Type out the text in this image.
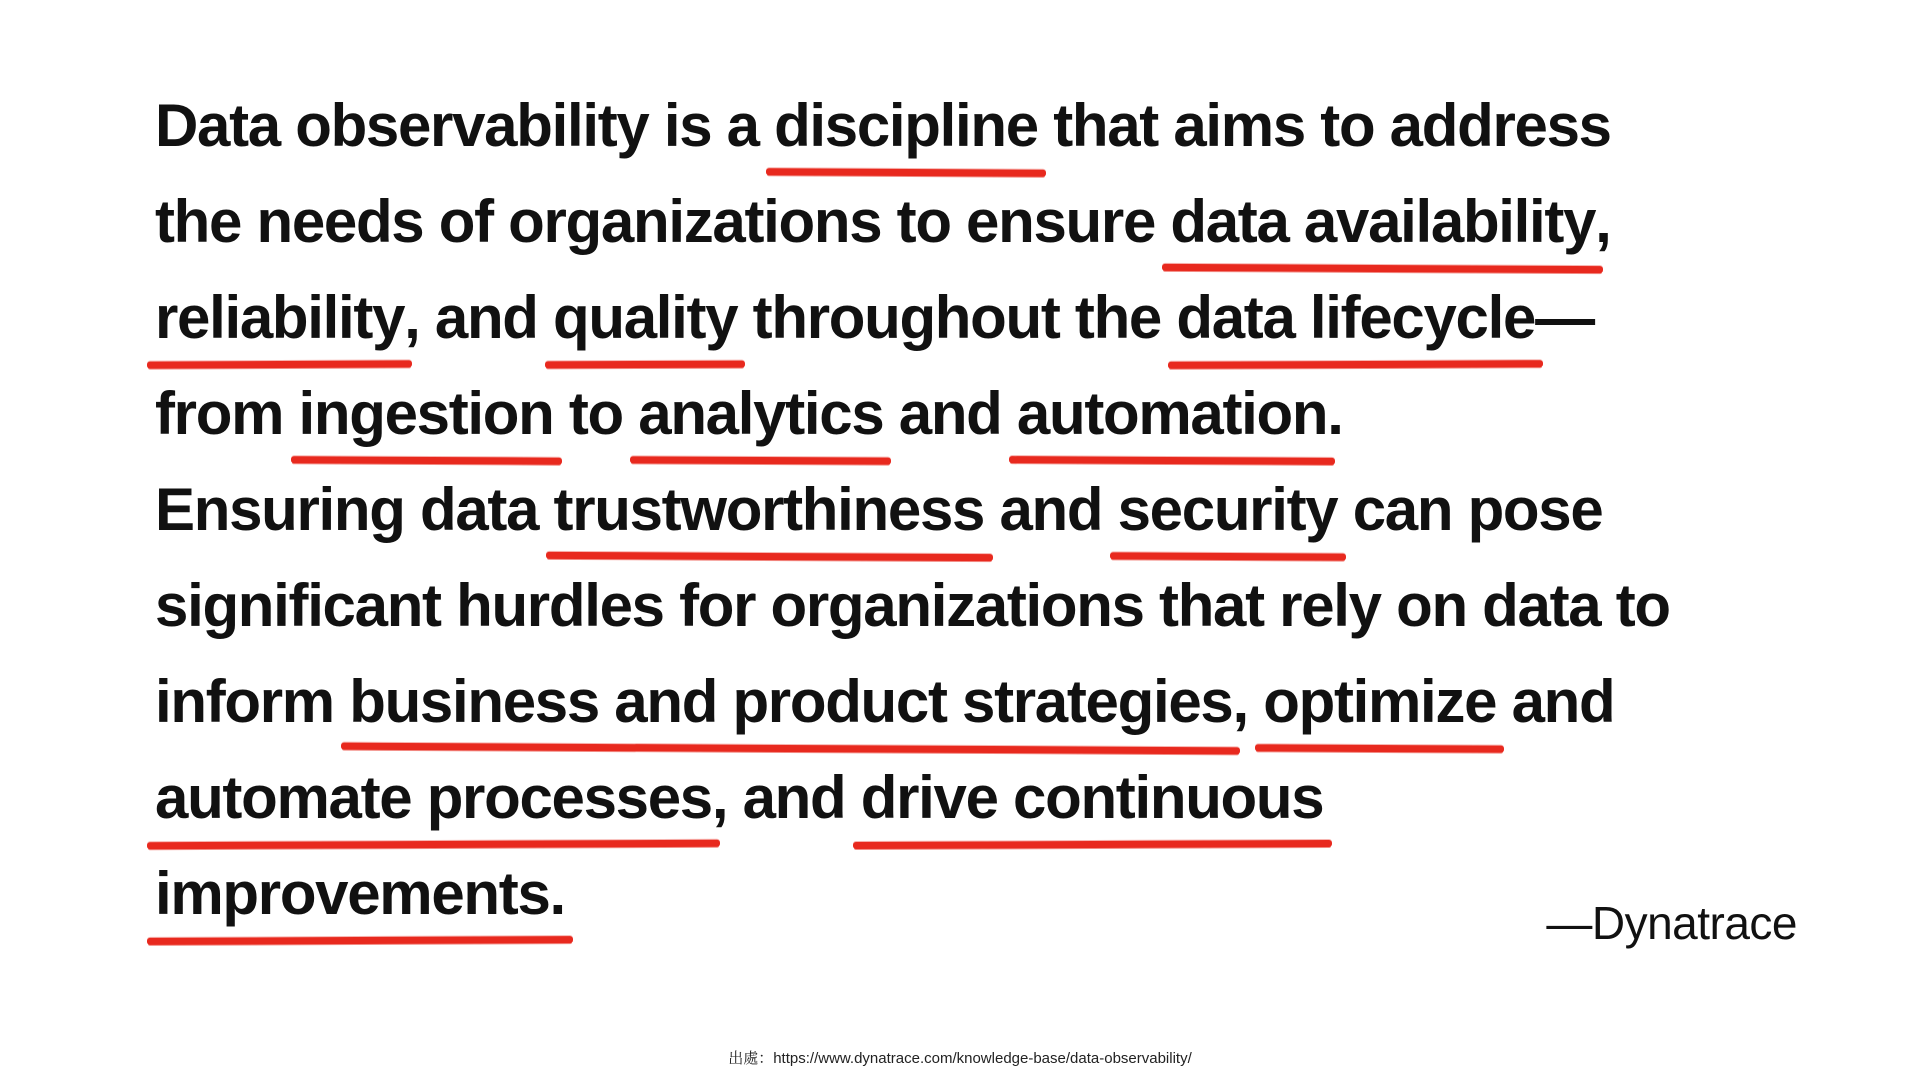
Data observability is a discipline that aims to address
the needs of organizations to ensure data availability,
reliability, and quality throughout the data lifecycle—
from ingestion to analytics and automation.
Ensuring data trustworthiness and security can pose
significant hurdles for organizations that rely on data to
inform business and product strategies, optimize and
automate processes, and drive continuous
improvements.	—Dynatrace
出處：https://www.dynatrace.com/knowledge-base/data-observability/
